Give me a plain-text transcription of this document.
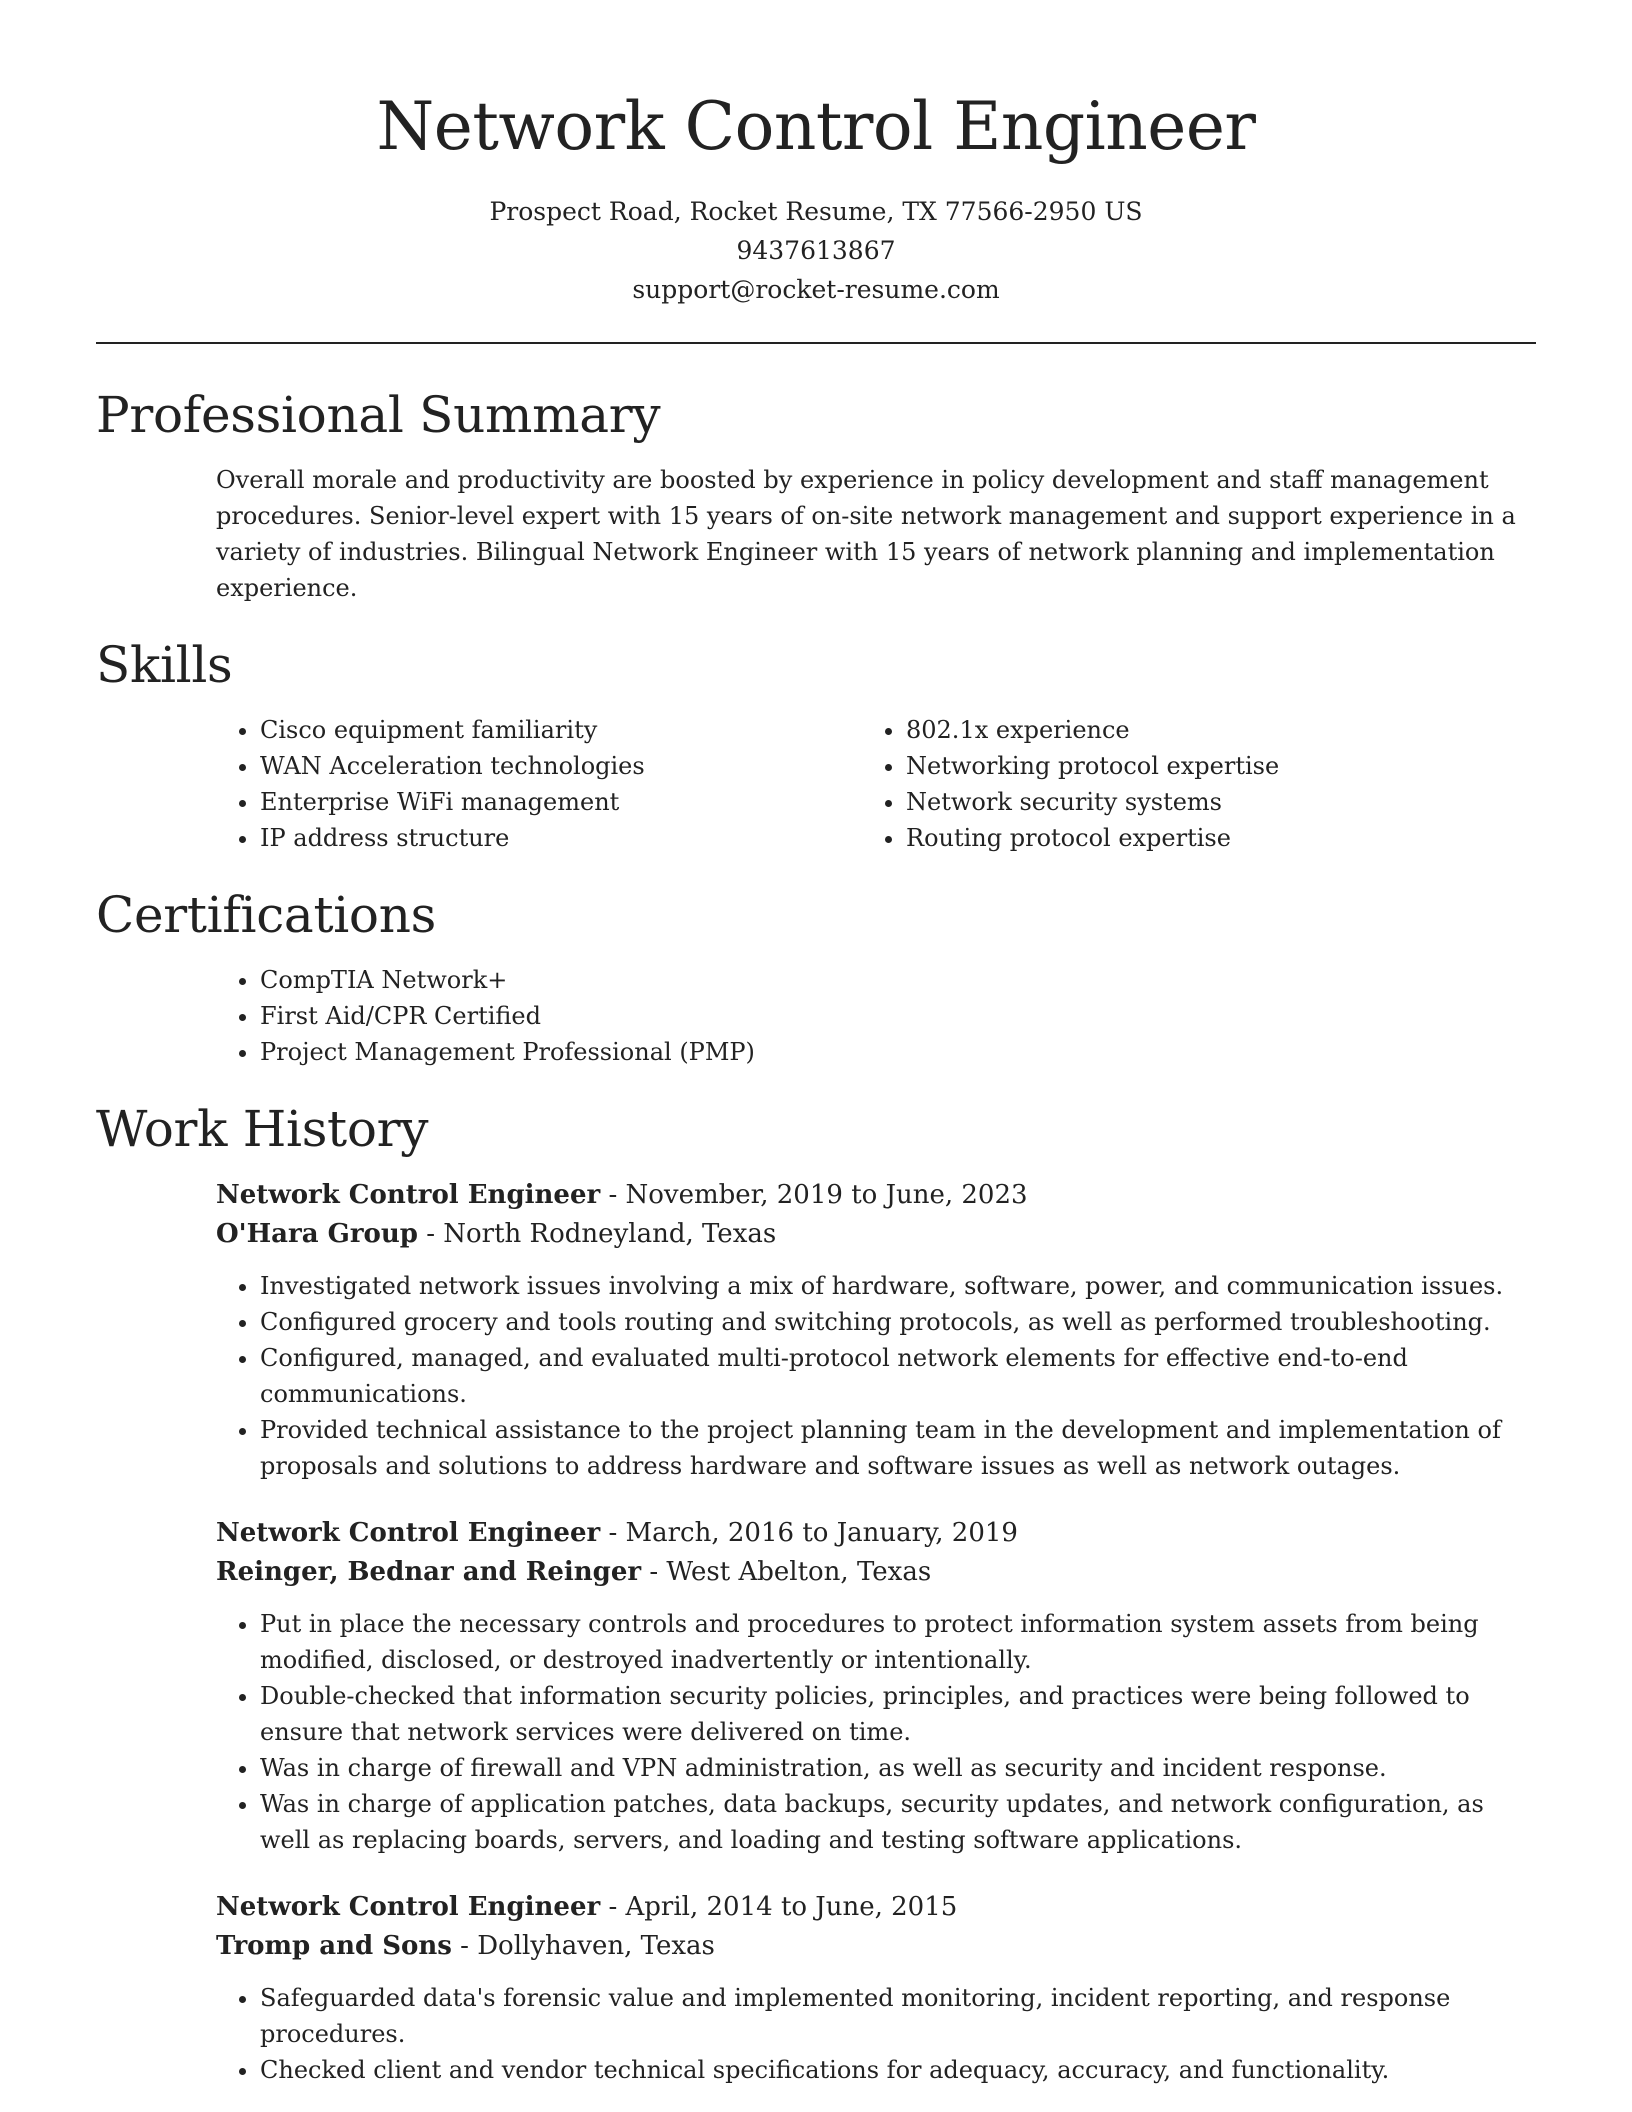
Network Control Engineer
Prospect Road, Rocket Resume, TX 77566-2950 US
9437613867
support@rocket-resume.com
Professional Summary

Overall morale and productivity are boosted by experience in policy development and staff management procedures. Senior-level expert with 15 years of on-site network management and support experience in a variety of industries. Bilingual Network Engineer with 15 years of network planning and implementation experience.

Skills
• Cisco equipment familiarity
• WAN Acceleration technologies
• Enterprise WiFi management
• IP address structure
• 802.1x experience
• Networking protocol expertise
• Network security systems
• Routing protocol expertise
Certifications
• CompTIA Network+
• First Aid/CPR Certified
• Project Management Professional (PMP)
Work History
Network Control Engineer - November, 2019 to June, 2023
O'Hara Group - North Rodneyland, Texas
• Investigated network issues involving a mix of hardware, software, power, and communication issues.
• Configured grocery and tools routing and switching protocols, as well as performed troubleshooting.
• Configured, managed, and evaluated multi-protocol network elements for effective end-to-end communications.
• Provided technical assistance to the project planning team in the development and implementation of proposals and solutions to address hardware and software issues as well as network outages.
Network Control Engineer - March, 2016 to January, 2019
Reinger, Bednar and Reinger - West Abelton, Texas
• Put in place the necessary controls and procedures to protect information system assets from being modified, disclosed, or destroyed inadvertently or intentionally.
• Double-checked that information security policies, principles, and practices were being followed to ensure that network services were delivered on time.
• Was in charge of firewall and VPN administration, as well as security and incident response.
• Was in charge of application patches, data backups, security updates, and network configuration, as well as replacing boards, servers, and loading and testing software applications.
Network Control Engineer - April, 2014 to June, 2015
Tromp and Sons - Dollyhaven, Texas
• Safeguarded data's forensic value and implemented monitoring, incident reporting, and response procedures.
• Checked client and vendor technical specifications for adequacy, accuracy, and functionality.
